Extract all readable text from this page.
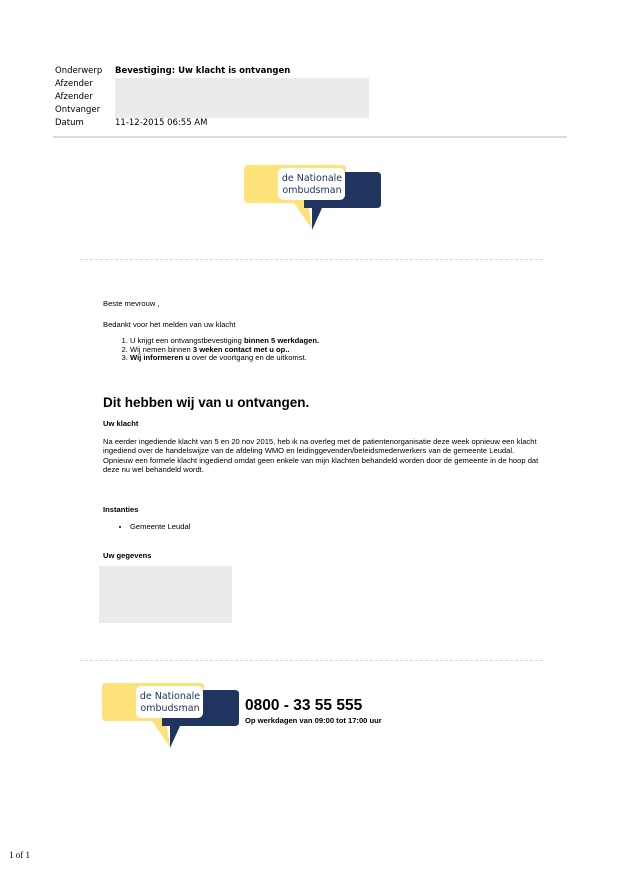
Onderwerp	Bevestiging: Uw klacht is ontvangen
Afzender
Afzender
Ontvanger
Datum	11-12-2015 06:55 AM
de Nationale
ombudsman
Beste mevrouw ,
Bedankt voor het melden van uw klacht
1. U krijgt een ontvangstbevestiging binnen 5 werkdagen.
2. Wij nemen binnen 3 weken contact met u op..
3. Wij informeren u over de voortgang en de uitkomst.
Dit hebben wij van u ontvangen.
Uw klacht
Na eerder ingediende klacht van 5 en 20 nov 2015, heb ik na overleg met de patientenorganisatie deze week opnieuw een klacht ingediend over de handelswijze van de afdeling WMO en leidinggevenden/beleidsmederwerkers van de gemeente Leudal. Opnieuw een formele klacht ingediend omdat geen enkele van mijn klachten behandeld worden door de gemeente in de hoop dat deze nu wel behandeld wordt.
Instanties
• Gemeente Leudal
Uw gegevens
de Nationale
ombudsman	0800 - 33 55 555
Op werkdagen van 09:00 tot 17:00 uur
1 of 1
